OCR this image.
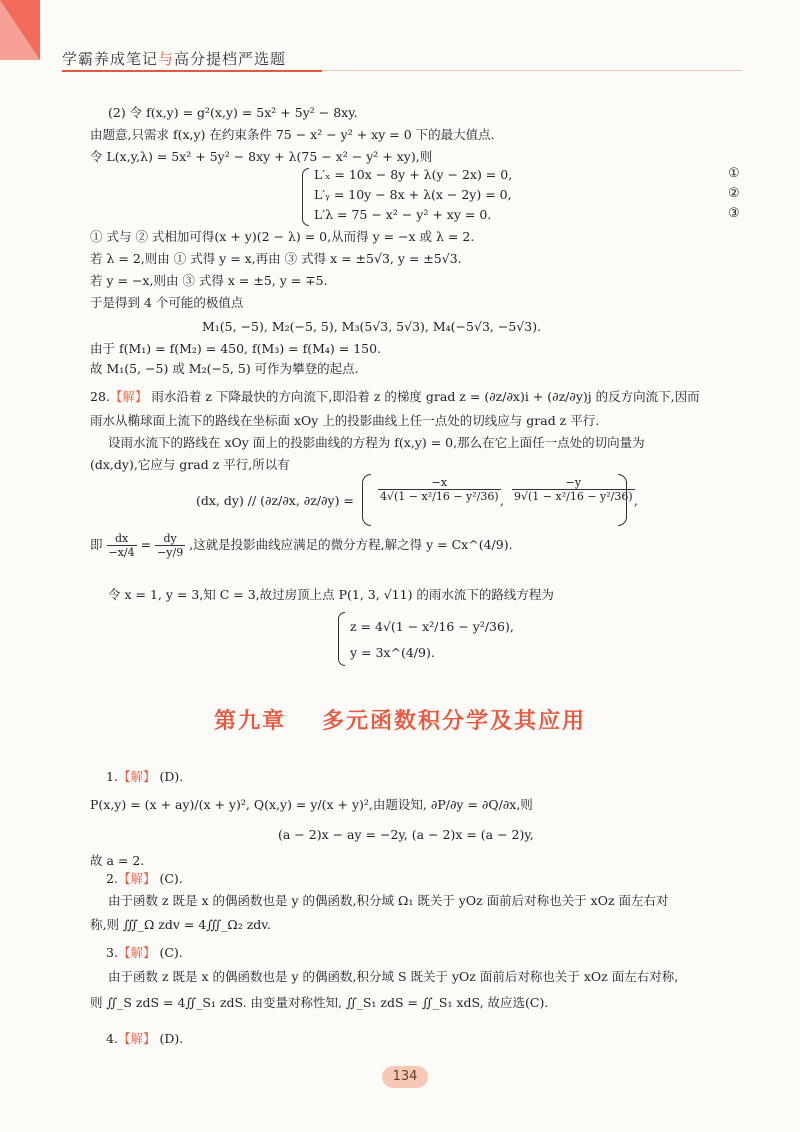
学霸养成笔记与高分提档严选题
(2) 令 f(x,y) = g²(x,y) = 5x² + 5y² − 8xy.
由题意,只需求 f(x,y) 在约束条件 75 − x² − y² + xy = 0 下的最大值点.
令 L(x,y,λ) = 5x² + 5y² − 8xy + λ(75 − x² − y² + xy),则
L′ₓ = 10x − 8y + λ(y − 2x) = 0,
L′ᵧ = 10y − 8x + λ(x − 2y) = 0,
L′λ = 75 − x² − y² + xy = 0.
①
②
③
① 式与 ② 式相加可得(x + y)(2 − λ) = 0,从而得 y = −x 或 λ = 2.
若 λ = 2,则由 ① 式得 y = x,再由 ③ 式得 x = ±5√3, y = ±5√3.
若 y = −x,则由 ③ 式得 x = ±5, y = ∓5.
于是得到 4 个可能的极值点
M₁(5, −5), M₂(−5, 5), M₃(5√3, 5√3), M₄(−5√3, −5√3).
由于 f(M₁) = f(M₂) = 450, f(M₃) = f(M₄) = 150.
故 M₁(5, −5) 或 M₂(−5, 5) 可作为攀登的起点.
28.【解】 雨水沿着 z 下降最快的方向流下,即沿着 z 的梯度 grad z = (∂z/∂x)i + (∂z/∂y)j 的反方向流下,因而
雨水从椭球面上流下的路线在坐标面 xOy 上的投影曲线上任一点处的切线应与 grad z 平行.
设雨水流下的路线在 xOy 面上的投影曲线的方程为 f(x,y) = 0,那么在它上面任一点处的切向量为
(dx,dy),它应与 grad z 平行,所以有
(dx, dy) // (∂z/∂x, $\partial z/\partial y) = \frac{-x}{\text{4√(1 − x²/16 − y²/36)}}$ , $\frac{-y}{\text{9√(1 − x²/16 − y²/36)}}$ ,
即 $\frac{dx}{-x/4} = \frac{dy}{-y/9}$ ,这就是投影曲线应满足的微分方程,解之得 y = Cx^(4/9).
令 x = 1, y = 3,知 C = 3,故过房顶上点 P(1, 3, √11) 的雨水流下的路线方程为
z = 4√(1 − x²/16 − y²/36),
y = 3x^(4/9).
第九章 多元函数积分学及其应用
1.【解】 (D).
P(x,y) = (x + ay)/(x + y)², Q(x,y) = y/(x + y)²,由题设知, ∂P/∂y = ∂Q/∂x,则
(a − 2)x − ay = −2y, (a − 2)x = (a − 2)y,
故 a = 2.
2.【解】 (C).
由于函数 z 既是 x 的偶函数也是 y 的偶函数,积分域 Ω₁ 既关于 yOz 面前后对称也关于 xOz 面左右对
称,则 ∭_Ω zdv = 4∭_Ω₂ zdv.
3.【解】 (C).
由于函数 z 既是 x 的偶函数也是 y 的偶函数,积分域 S 既关于 yOz 面前后对称也关于 xOz 面左右对称,
则 ∬_S zdS = 4∬_S₁ zdS. 由变量对称性知, ∬_S₁ zdS = ∬_S₁ xdS, 故应选(C).
4.【解】 (D).
134
